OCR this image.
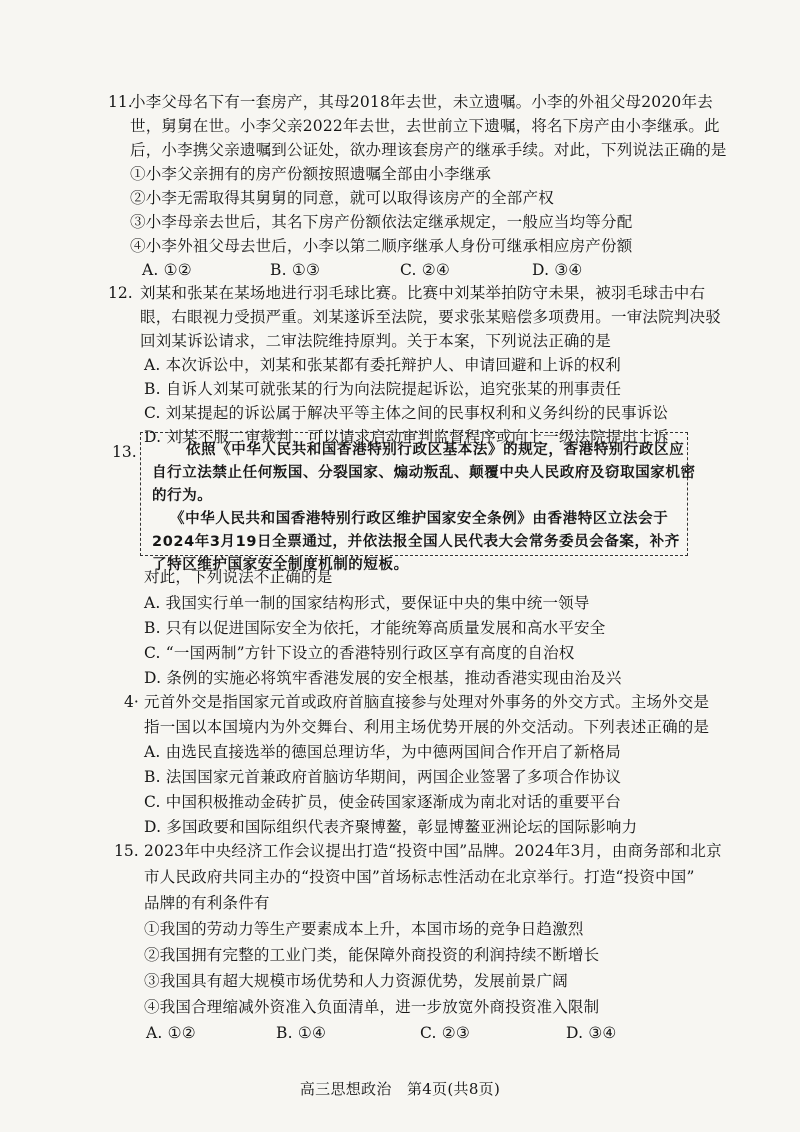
11.
小李父母名下有一套房产，其母2018年去世，未立遗嘱。小李的外祖父母2020年去
世，舅舅在世。小李父亲2022年去世，去世前立下遗嘱，将名下房产由小李继承。此
后，小李携父亲遗嘱到公证处，欲办理该套房产的继承手续。对此，下列说法正确的是
①小李父亲拥有的房产份额按照遗嘱全部由小李继承
②小李无需取得其舅舅的同意，就可以取得该房产的全部产权
③小李母亲去世后，其名下房产份额依法定继承规定，一般应当均等分配
④小李外祖父母去世后，小李以第二顺序继承人身份可继承相应房产份额
A. ①②	B. ①③	C. ②④	D. ③④
12. 刘某和张某在某场地进行羽毛球比赛。比赛中刘某举拍防守未果，被羽毛球击中右
眼，右眼视力受损严重。刘某遂诉至法院，要求张某赔偿多项费用。一审法院判决驳
回刘某诉讼请求，二审法院维持原判。关于本案，下列说法正确的是
A. 本次诉讼中，刘某和张某都有委托辩护人、申请回避和上诉的权利
B. 自诉人刘某可就张某的行为向法院提起诉讼，追究张某的刑事责任
C. 刘某提起的诉讼属于解决平等主体之间的民事权利和义务纠纷的民事诉讼
D. 刘某不服二审裁判，可以请求启动审判监督程序或向上一级法院提出上诉
13.	依照《中华人民共和国香港特别行政区基本法》的规定，香港特别行政区应
自行立法禁止任何叛国、分裂国家、煽动叛乱、颠覆中央人民政府及窃取国家机密
的行为。
《中华人民共和国香港特别行政区维护国家安全条例》由香港特区立法会于
2024年3月19日全票通过，并依法报全国人民代表大会常务委员会备案，补齐
了特区维护国家安全制度机制的短板。
对此，下列说法不正确的是
A. 我国实行单一制的国家结构形式，要保证中央的集中统一领导
B. 只有以促进国际安全为依托，才能统筹高质量发展和高水平安全
C. “一国两制”方针下设立的香港特别行政区享有高度的自治权
D. 条例的实施必将筑牢香港发展的安全根基，推动香港实现由治及兴
4· 元首外交是指国家元首或政府首脑直接参与处理对外事务的外交方式。主场外交是
指一国以本国境内为外交舞台、利用主场优势开展的外交活动。下列表述正确的是
A. 由选民直接选举的德国总理访华，为中德两国间合作开启了新格局
B. 法国国家元首兼政府首脑访华期间，两国企业签署了多项合作协议
C. 中国积极推动金砖扩员，使金砖国家逐渐成为南北对话的重要平台
D. 多国政要和国际组织代表齐聚博鳌，彰显博鳌亚洲论坛的国际影响力
15. 2023年中央经济工作会议提出打造“投资中国”品牌。2024年3月，由商务部和北京
市人民政府共同主办的“投资中国”首场标志性活动在北京举行。打造“投资中国”
品牌的有利条件有
①我国的劳动力等生产要素成本上升，本国市场的竞争日趋激烈
②我国拥有完整的工业门类，能保障外商投资的利润持续不断增长
③我国具有超大规模市场优势和人力资源优势，发展前景广阔
④我国合理缩减外资准入负面清单，进一步放宽外商投资准入限制
A. ①②	B. ①④	C. ②③	D. ③④
高三思想政治　第4页(共8页)
